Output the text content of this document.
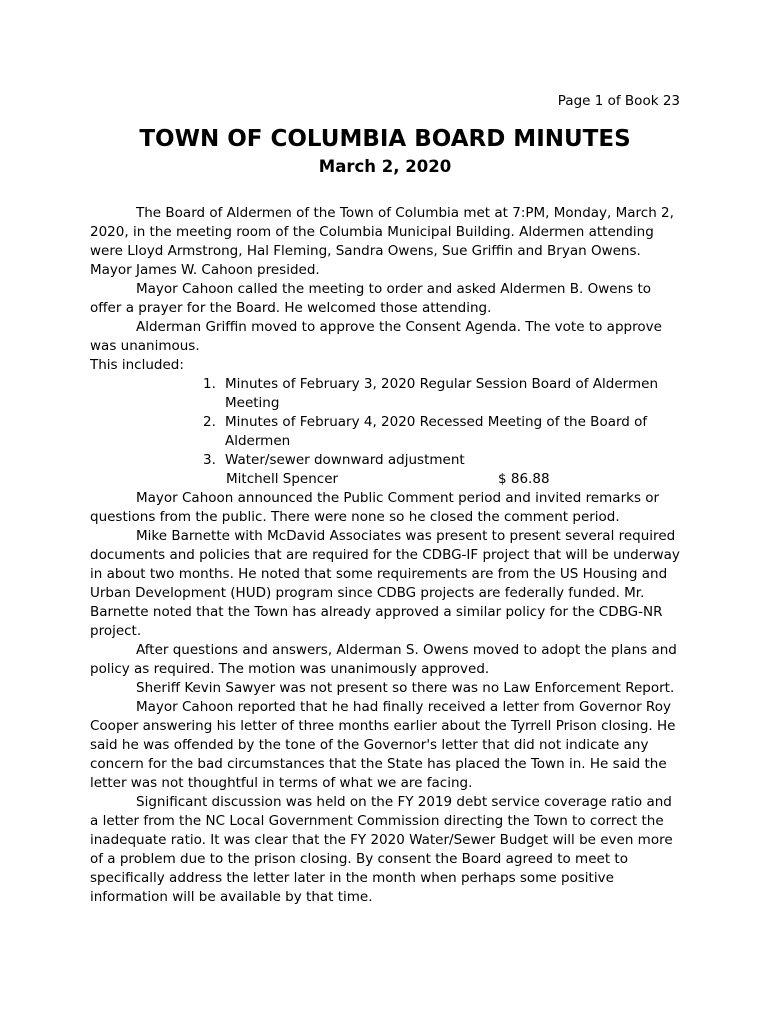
Page 1 of Book 23
TOWN OF COLUMBIA BOARD MINUTES
March 2, 2020

The Board of Aldermen of the Town of Columbia met at 7:PM, Monday, March 2, 2020, in the meeting room of the Columbia Municipal Building. Aldermen attending were Lloyd Armstrong, Hal Fleming, Sandra Owens, Sue Griffin and Bryan Owens. Mayor James W. Cahoon presided.

Mayor Cahoon called the meeting to order and asked Aldermen B. Owens to offer a prayer for the Board. He welcomed those attending.

Alderman Griffin moved to approve the Consent Agenda. The vote to approve was unanimous.

This included:

1. Minutes of February 3, 2020 Regular Session Board of Aldermen Meeting
2. Minutes of February 4, 2020 Recessed Meeting of the Board of Aldermen
3. Water/sewer downward adjustment
Mitchell Spencer	$ 86.88

Mayor Cahoon announced the Public Comment period and invited remarks or questions from the public. There were none so he closed the comment period.

Mike Barnette with McDavid Associates was present to present several required documents and policies that are required for the CDBG-IF project that will be underway in about two months. He noted that some requirements are from the US Housing and Urban Development (HUD) program since CDBG projects are federally funded. Mr. Barnette noted that the Town has already approved a similar policy for the CDBG-NR project.

After questions and answers, Alderman S. Owens moved to adopt the plans and policy as required. The motion was unanimously approved.

Sheriff Kevin Sawyer was not present so there was no Law Enforcement Report.

Mayor Cahoon reported that he had finally received a letter from Governor Roy Cooper answering his letter of three months earlier about the Tyrrell Prison closing. He said he was offended by the tone of the Governor's letter that did not indicate any concern for the bad circumstances that the State has placed the Town in. He said the letter was not thoughtful in terms of what we are facing.

Significant discussion was held on the FY 2019 debt service coverage ratio and a letter from the NC Local Government Commission directing the Town to correct the inadequate ratio. It was clear that the FY 2020 Water/Sewer Budget will be even more of a problem due to the prison closing. By consent the Board agreed to meet to specifically address the letter later in the month when perhaps some positive information will be available by that time.
